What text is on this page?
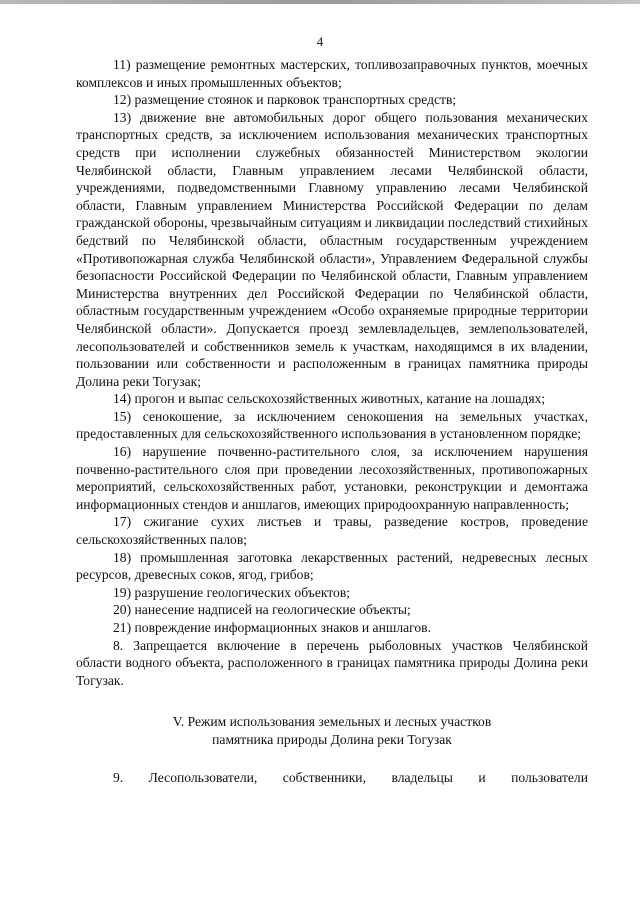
4

11) размещение ремонтных мастерских, топливозаправочных пунктов, моечных комплексов и иных промышленных объектов;

12) размещение стоянок и парковок транспортных средств;

13) движение вне автомобильных дорог общего пользования механических транспортных средств, за исключением использования механических транспортных средств при исполнении служебных обязанностей Министерством экологии Челябинской области, Главным управлением лесами Челябинской области, учреждениями, подведомственными Главному управлению лесами Челябинской области, Главным управлением Министерства Российской Федерации по делам гражданской обороны, чрезвычайным ситуациям и ликвидации последствий стихийных бедствий по Челябинской области, областным государственным учреждением «Противопожарная служба Челябинской области», Управлением Федеральной службы безопасности Российской Федерации по Челябинской области, Главным управлением Министерства внутренних дел Российской Федерации по Челябинской области, областным государственным учреждением «Особо охраняемые природные территории Челябинской области». Допускается проезд землевладельцев, землепользователей, лесопользователей и собственников земель к участкам, находящимся в их владении, пользовании или собственности и расположенным в границах памятника природы Долина реки Тогузак;

14) прогон и выпас сельскохозяйственных животных, катание на лошадях;

15) сенокошение, за исключением сенокошения на земельных участках, предоставленных для сельскохозяйственного использования в установленном порядке;

16) нарушение почвенно-растительного слоя, за исключением нарушения почвенно-растительного слоя при проведении лесохозяйственных, противопожарных мероприятий, сельскохозяйственных работ, установки, реконструкции и демонтажа информационных стендов и аншлагов, имеющих природоохранную направленность;

17) сжигание сухих листьев и травы, разведение костров, проведение сельскохозяйственных палов;

18) промышленная заготовка лекарственных растений, недревесных лесных ресурсов, древесных соков, ягод, грибов;

19) разрушение геологических объектов;

20) нанесение надписей на геологические объекты;

21) повреждение информационных знаков и аншлагов.

8. Запрещается включение в перечень рыболовных участков Челябинской области водного объекта, расположенного в границах памятника природы Долина реки Тогузак.

V. Режим использования земельных и лесных участков
памятника природы Долина реки Тогузак

9. Лесопользователи, собственники, владельцы и пользователи
